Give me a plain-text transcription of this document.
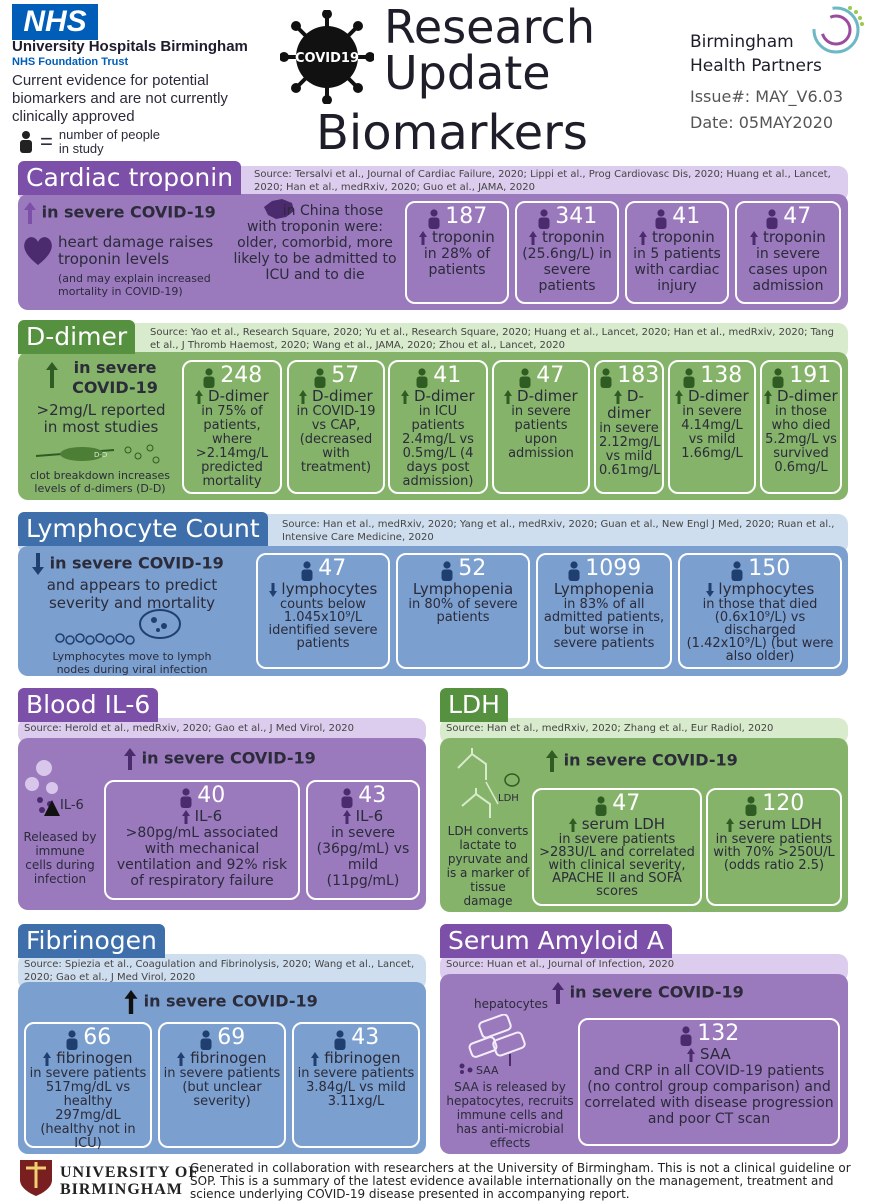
NHS
University Hospitals Birmingham
NHS Foundation Trust
Current evidence for potential biomarkers and are not currently clinically approved
= number of people in study
COVID19
Research
Update
Biomarkers
Birmingham
Health Partners
Issue#: MAY_V6.03
Date: 05MAY2020
Cardiac troponin	Source: Tersalvi et al., Journal of Cardiac Failure, 2020; Lippi et al., Prog Cardiovasc Dis, 2020; Huang et al., Lancet, 2020; Han et al., medRxiv, 2020; Guo et al., JAMA, 2020
in severe COVID-19
heart damage raises troponin levels
(and may explain increased mortality in COVID-19)
in China those with troponin were: older, comorbid, more likely to be admitted to ICU and to die
187
troponin
in 28% of patients
341
troponin
(25.6ng/L) in severe patients
41
troponin
in 5 patients with cardiac injury
47
troponin
in severe cases upon admission
D-dimer	Source: Yao et al., Research Square, 2020; Yu et al., Research Square, 2020; Huang et al., Lancet, 2020; Han et al., medRxiv, 2020; Tang et al., J Thromb Haemost, 2020; Wang et al., JAMA, 2020; Zhou et al., Lancet, 2020
in severe COVID-19
>2mg/L reported in most studies
D-D
clot breakdown increases levels of d-dimers (D-D)
248
D-dimer
in 75% of patients, where >2.14mg/L predicted mortality
57
D-dimer
in COVID-19 vs CAP, (decreased with treatment)
41
D-dimer
in ICU patients 2.4mg/L vs 0.5mg/L (4 days post admission)
47
D-dimer
in severe patients upon admission
183
D-dimer
in severe 2.12mg/L vs mild 0.61mg/L
138
D-dimer
in severe 4.14mg/L vs mild 1.66mg/L
191
D-dimer
in those who died 5.2mg/L vs survived 0.6mg/L
Lymphocyte Count	Source: Han et al., medRxiv, 2020; Yang et al., medRxiv, 2020; Guan et al., New Engl J Med, 2020; Ruan et al., Intensive Care Medicine, 2020
in severe COVID-19
and appears to predict severity and mortality
Lymphocytes move to lymph nodes during viral infection
47
lymphocytes
counts below 1.045x10⁹/L identified severe patients
52
Lymphopenia
in 80% of severe patients
1099
Lymphopenia
in 83% of all admitted patients, but worse in severe patients
150
lymphocytes
in those that died (0.6x10⁹/L) vs discharged (1.42x10⁹/L) (but were also older)
Blood IL-6
Source: Herold et al., medRxiv, 2020; Gao et al., J Med Virol, 2020
in severe COVID-19
IL-6
Released by immune cells during infection
40
IL-6
>80pg/mL associated with mechanical ventilation and 92% risk of respiratory failure
43
IL-6
in severe (36pg/mL) vs mild (11pg/mL)
LDH
Source: Han et al., medRxiv, 2020; Zhang et al., Eur Radiol, 2020
in severe COVID-19
LDH
LDH converts lactate to pyruvate and is a marker of tissue damage
47
serum LDH
in severe patients >283U/L and correlated with clinical severity, APACHE II and SOFA scores
120
serum LDH
in severe patients with 70% >250U/L (odds ratio 2.5)
Fibrinogen
Source: Spiezia et al., Coagulation and Fibrinolysis, 2020; Wang et al., Lancet, 2020; Gao et al., J Med Virol, 2020
in severe COVID-19
66
fibrinogen
in severe patients 517mg/dL vs healthy 297mg/dL (healthy not in ICU)
69
fibrinogen
in severe patients (but unclear severity)
43
fibrinogen
in severe patients 3.84g/L vs mild 3.11xg/L
Serum Amyloid A
Source: Huan et al., Journal of Infection, 2020
in severe COVID-19
hepatocytes
SAA
SAA is released by hepatocytes, recruits immune cells and has anti-microbial effects
132
SAA
and CRP in all COVID-19 patients (no control group comparison) and correlated with disease progression and poor CT scan
UNIVERSITY OF
BIRMINGHAM
Generated in collaboration with researchers at the University of Birmingham. This is not a clinical guideline or SOP. This is a summary of the latest evidence available internationally on the management, treatment and science underlying COVID-19 disease presented in accompanying report.
